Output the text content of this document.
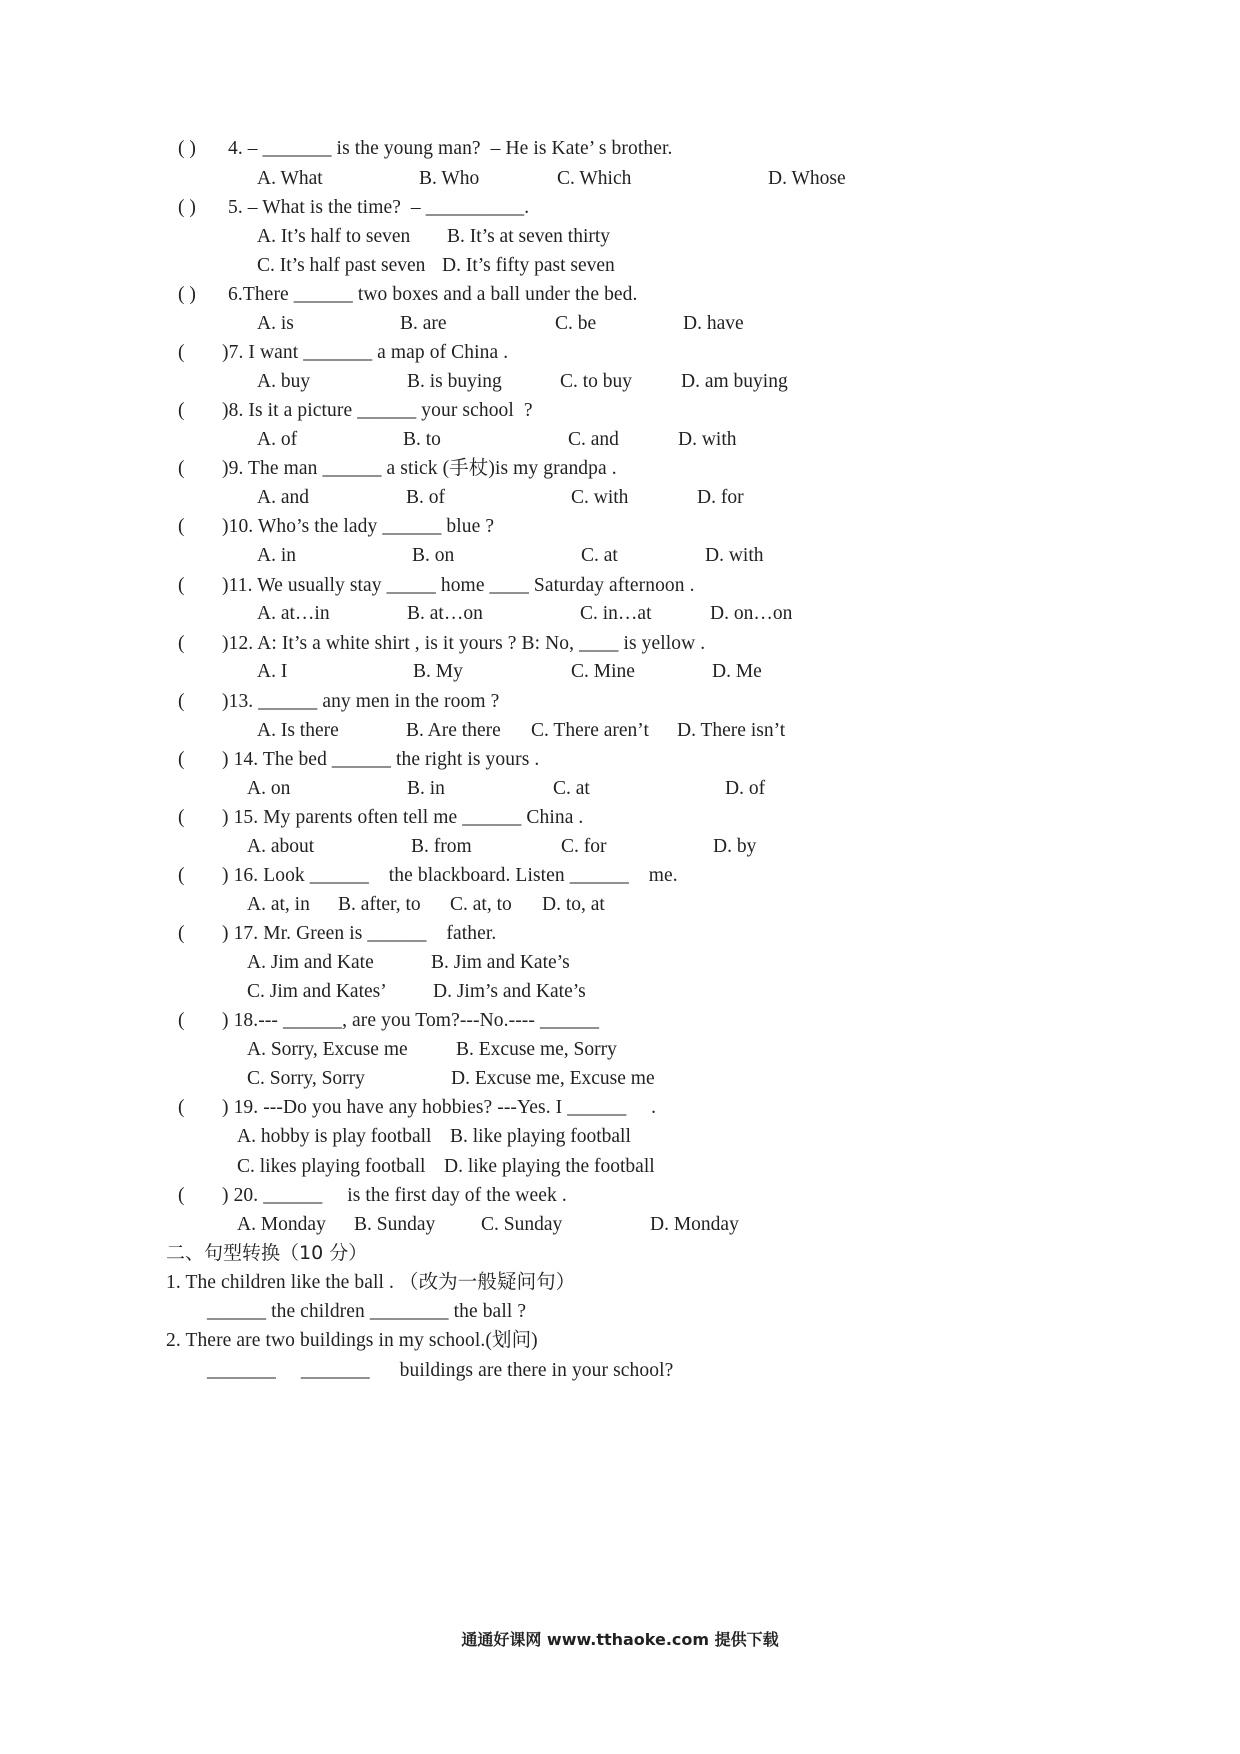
( ) 4. – _______ is the young man?  – He is Kate’ s brother.
A. What	B. Who	C. Which	D. Whose
( ) 5. – What is the time?  – __________.
A. It’s half to seven B. It’s at seven thirty
C. It’s half past seven D. It’s fifty past seven
( ) 6.There ______ two boxes and a ball under the bed.
A. is	B. are	C. be	D. have
( )7. I want _______ a map of China .
A. buy	B. is buying	C. to buy	D. am buying
( )8. Is it a picture ______ your school  ?
A. of	B. to	C. and	D. with
( )9. The man ______ a stick (手杖)is my grandpa .
A. and	B. of	C. with	D. for
( )10. Who’s the lady ______ blue ?
A. in	B. on	C. at	D. with
( )11. We usually stay _____ home ____ Saturday afternoon .
A. at…in	B. at…on	C. in…at	D. on…on
( )12. A: It’s a white shirt , is it yours ? B: No, ____ is yellow .
A. I	B. My	C. Mine	D. Me
( )13. ______ any men in the room ?
A. Is there	B. Are there C. There aren’t D. There isn’t
( ) 14. The bed ______ the right is yours .
A. on	B. in	C. at	D. of
( ) 15. My parents often tell me ______ China .
A. about	B. from	C. for	D. by
( ) 16. Look ______    the blackboard. Listen ______    me.
A. at, in B. after, to C. at, to D. to, at
( ) 17. Mr. Green is ______    father.
A. Jim and Kate	B. Jim and Kate’s
C. Jim and Kates’ D. Jim’s and Kate’s
( ) 18.--- ______, are you Tom?---No.---- ______
A. Sorry, Excuse me B. Excuse me, Sorry
C. Sorry, Sorry	D. Excuse me, Excuse me
( ) 19. ---Do you have any hobbies? ---Yes. I ______     .
A. hobby is play football B. like playing football
C. likes playing football D. like playing the football
( ) 20. ______     is the first day of the week .
A. Monday B. Sunday C. Sunday	D. Monday
二、句型转换（10 分）
1. The children like the ball . （改为一般疑问句）
______ the children ________ the ball ?
2. There are two buildings in my school.(划问)
_______     _______      buildings are there in your school?
通通好课网 www.tthaoke.com 提供下载
